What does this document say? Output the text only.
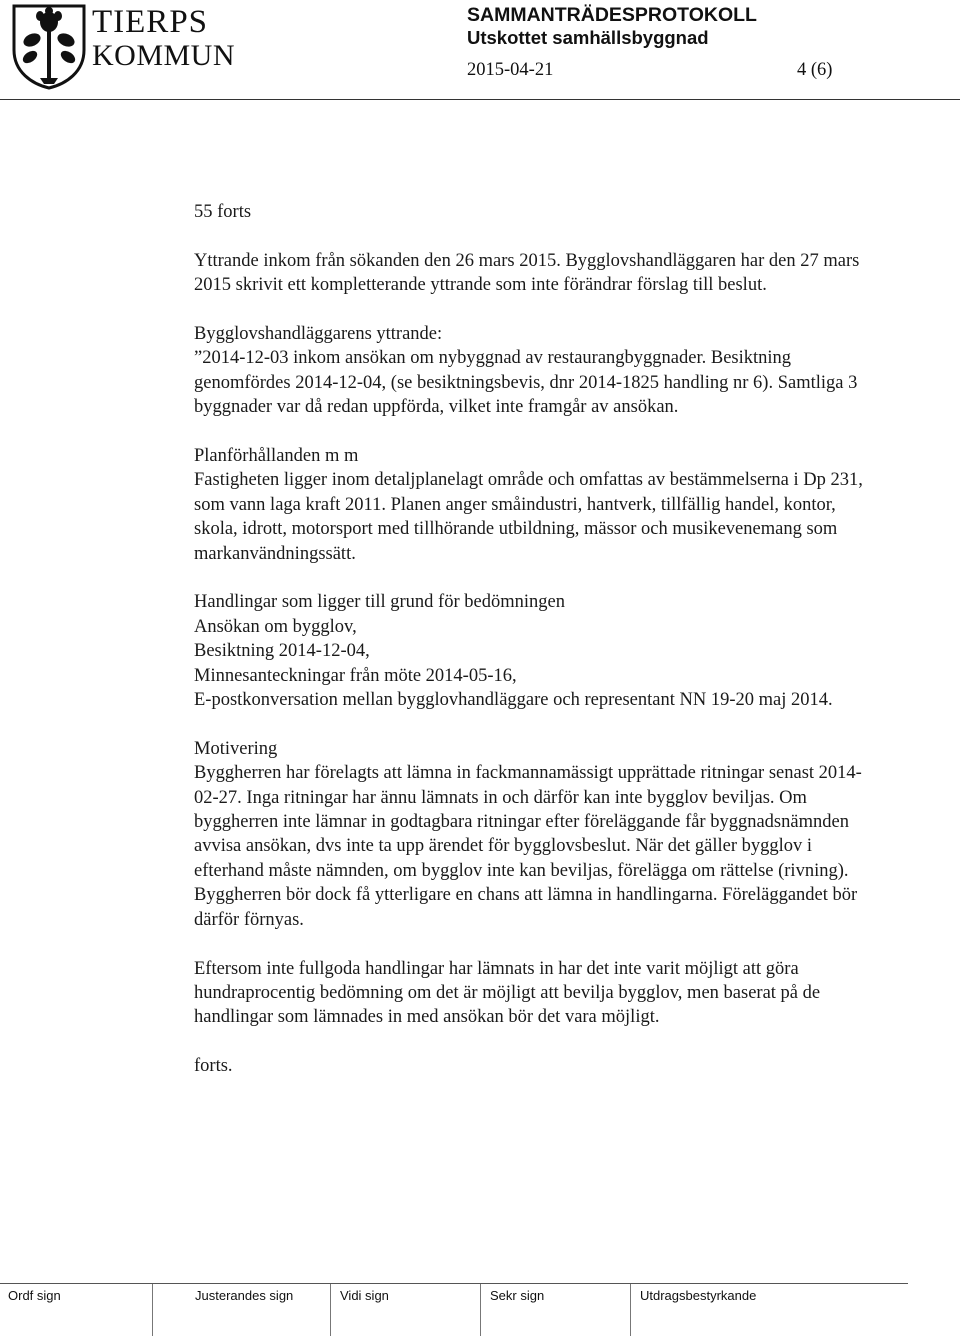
TIERPS
KOMMUN
SAMMANTRÄDESPROTOKOLL
Utskottet samhällsbyggnad
2015-04-21	4 (6)

55 forts

Yttrande inkom från sökanden den 26 mars 2015. Bygglovshandläggaren har den 27 mars 2015 skrivit ett kompletterande yttrande som inte förändrar förslag till beslut.

Bygglovshandläggarens yttrande:

”2014-12-03 inkom ansökan om nybyggnad av restaurangbyggnader. Besiktning genomfördes 2014-12-04, (se besiktningsbevis, dnr 2014-1825 handling nr 6). Samtliga 3 byggnader var då redan uppförda, vilket inte framgår av ansökan.

Planförhållanden m m

Fastigheten ligger inom detaljplanelagt område och omfattas av bestämmelserna i Dp 231, som vann laga kraft 2011. Planen anger småindustri, hantverk, tillfällig handel, kontor, skola, idrott, motorsport med tillhörande utbildning, mässor och musikevenemang som markanvändningssätt.

Handlingar som ligger till grund för bedömningen

Ansökan om bygglov,

Besiktning 2014-12-04,

Minnesanteckningar från möte 2014-05-16,

E-postkonversation mellan bygglovhandläggare och representant NN 19-20 maj 2014.

Motivering

Byggherren har förelagts att lämna in fackmannamässigt upprättade ritningar senast 2014-02-27. Inga ritningar har ännu lämnats in och därför kan inte bygglov beviljas. Om byggherren inte lämnar in godtagbara ritningar efter föreläggande får byggnadsnämnden avvisa ansökan, dvs inte ta upp ärendet för bygglovsbeslut. När det gäller bygglov i efterhand måste nämnden, om bygglov inte kan beviljas, förelägga om rättelse (rivning). Byggherren bör dock få ytterligare en chans att lämna in handlingarna. Föreläggandet bör därför förnyas.

Eftersom inte fullgoda handlingar har lämnats in har det inte varit möjligt att göra hundraprocentig bedömning om det är möjligt att bevilja bygglov, men baserat på de handlingar som lämnades in med ansökan bör det vara möjligt.

forts.

Ordf sign	Justerandes sign	Vidi sign	Sekr sign	Utdragsbestyrkande
